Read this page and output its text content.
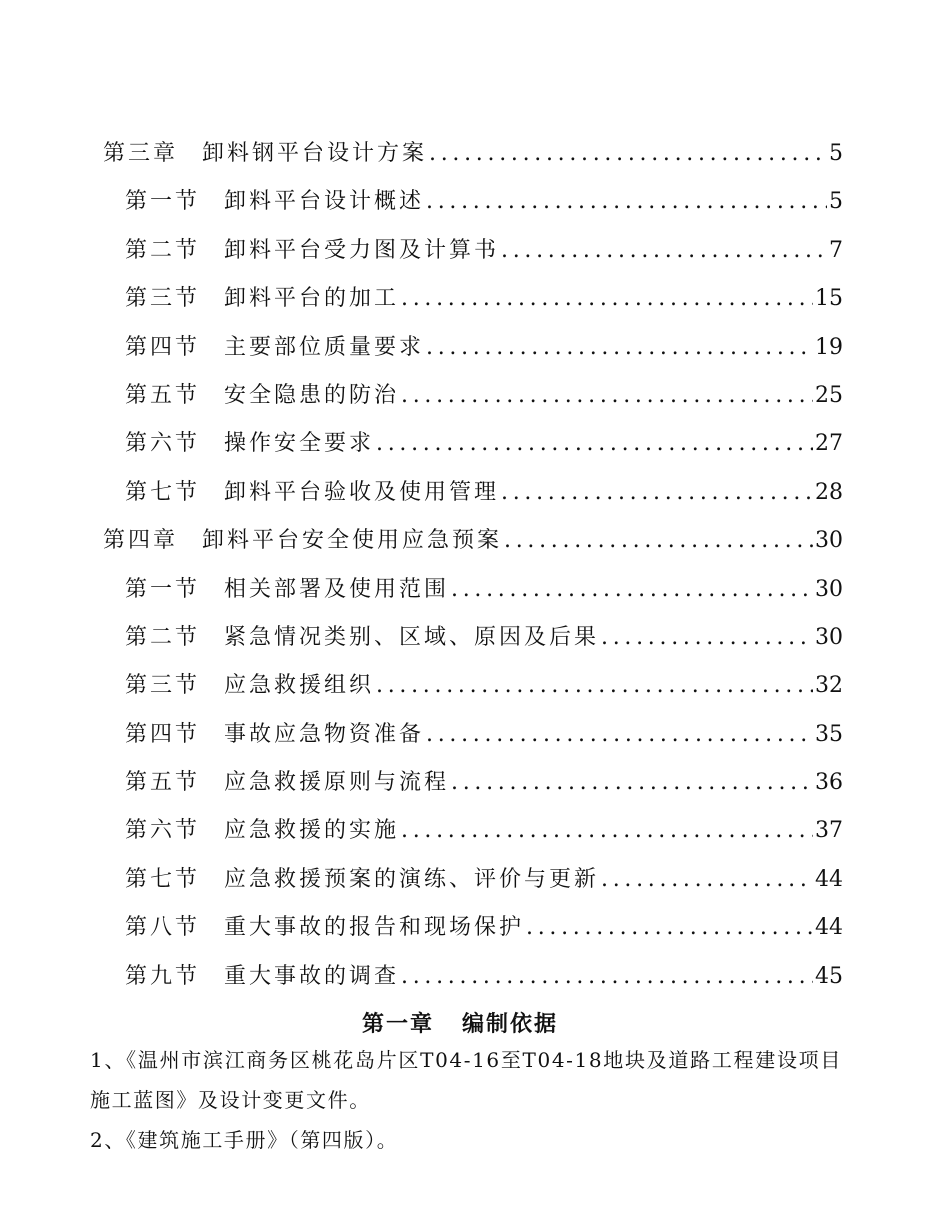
第三章 卸料钢平台设计方案 .....	5
第一节 卸料平台设计概述 .....	5
第二节 卸料平台受力图及计算书 .....	7
第三节 卸料平台的加工 .....	15
第四节 主要部位质量要求 .....	19
第五节 安全隐患的防治 .....	25
第六节 操作安全要求 .....	27
第七节 卸料平台验收及使用管理 .....	28
第四章 卸料平台安全使用应急预案 .....	30
第一节 相关部署及使用范围 .....	30
第二节 紧急情况类别、区域、原因及后果 .....	30
第三节 应急救援组织 .....	32
第四节 事故应急物资准备 .....	35
第五节 应急救援原则与流程 .....	36
第六节 应急救援的实施 .....	37
第七节 应急救援预案的演练、评价与更新 .....	44
第八节 重大事故的报告和现场保护 .....	44
第九节 重大事故的调查 .....	45
第一章 编制依据

1、《温州市滨江商务区桃花岛片区T04-16至T04-18地块及道路工程建设项目施工蓝图》及设计变更文件。

2、《建筑施工手册》（第四版）。
